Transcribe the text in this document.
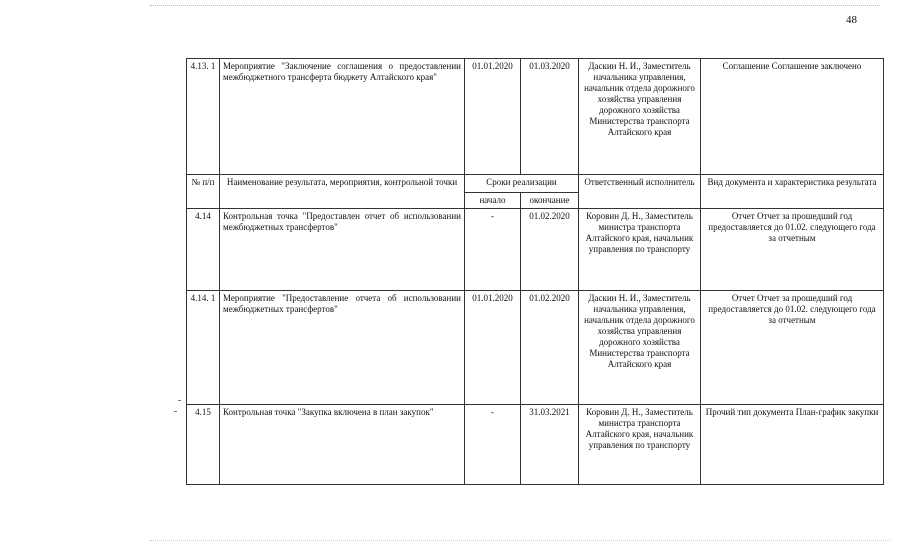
48
4.13. 1	Мероприятие "Заключение соглашения о предоставлении межбюджетного трансферта бюджету Алтайского края"	01.01.2020	01.03.2020	Даскин Н. И., Заместитель начальника управления, начальник отдела дорожного хозяйства управления дорожного хозяйства Министерства транспорта Алтайского края	Соглашение Соглашение заключено
№ п/п	Наименование результата, мероприятия, контрольной точки	Сроки реализации		Ответственный исполнитель	Вид документа и характеристика результата
		начало	окончание		
4.14	Контрольная точка "Предоставлен отчет об использовании межбюджетных трансфертов"	-	01.02.2020	Коровин Д. Н., Заместитель министра транспорта Алтайского края, начальник управления по транспорту	Отчет Отчет за прошедший год предоставляется до 01.02. следующего года за отчетным
4.14. 1	Мероприятие "Предоставление отчета об использовании межбюджетных трансфертов"	01.01.2020	01.02.2020	Даскин Н. И., Заместитель начальника управления, начальник отдела дорожного хозяйства управления дорожного хозяйства Министерства транспорта Алтайского края	Отчет Отчет за прошедший год предоставляется до 01.02. следующего года за отчетным
4.15	Контрольная точка "Закупка включена в план закупок"	-	31.03.2021	Коровин Д. Н., Заместитель министра транспорта Алтайского края, начальник управления по транспорту	Прочий тип документа План-график закупки
